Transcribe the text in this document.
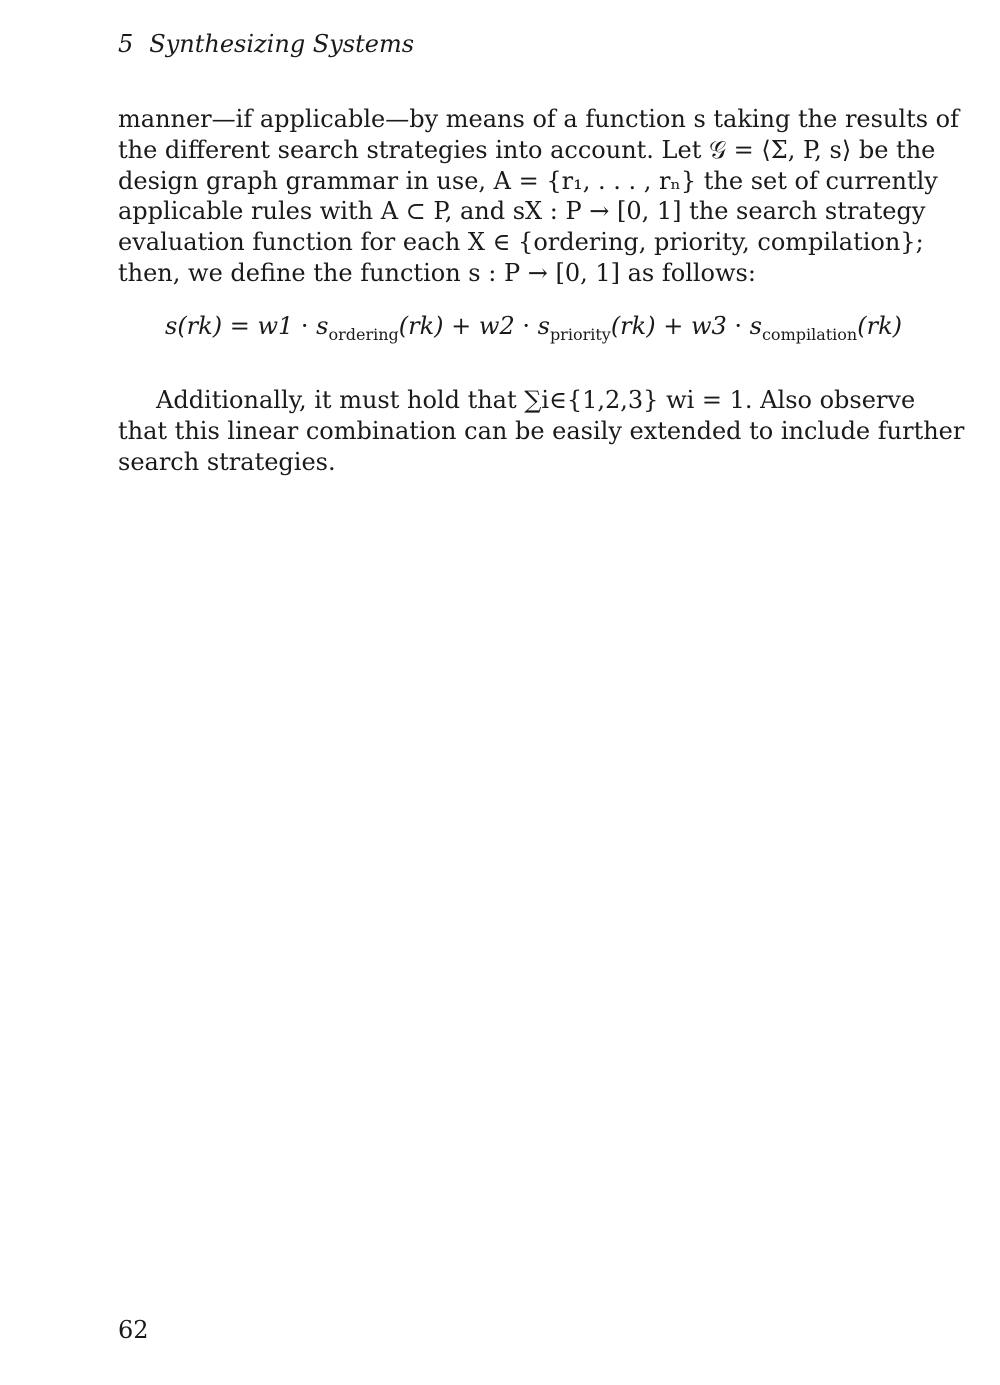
5 Synthesizing Systems
manner—if applicable—by means of a function s taking the results of
the different search strategies into account. Let 𝒢 = ⟨Σ, P, s⟩ be the
design graph grammar in use, A = {r₁, . . . , rₙ} the set of currently
applicable rules with A ⊂ P, and sX : P → [0, 1] the search strategy
evaluation function for each X ∈ {ordering, priority, compilation};
then, we define the function s : P → [0, 1] as follows:
$s(rk) = w1 \cdot s_{ordering}(rk) + w2 \cdot s_{priority}(rk) + w3 \cdot s_{compilation}(rk)$
Additionally, it must hold that ∑i∈{1,2,3} wi = 1. Also observe
that this linear combination can be easily extended to include further
search strategies.
62
